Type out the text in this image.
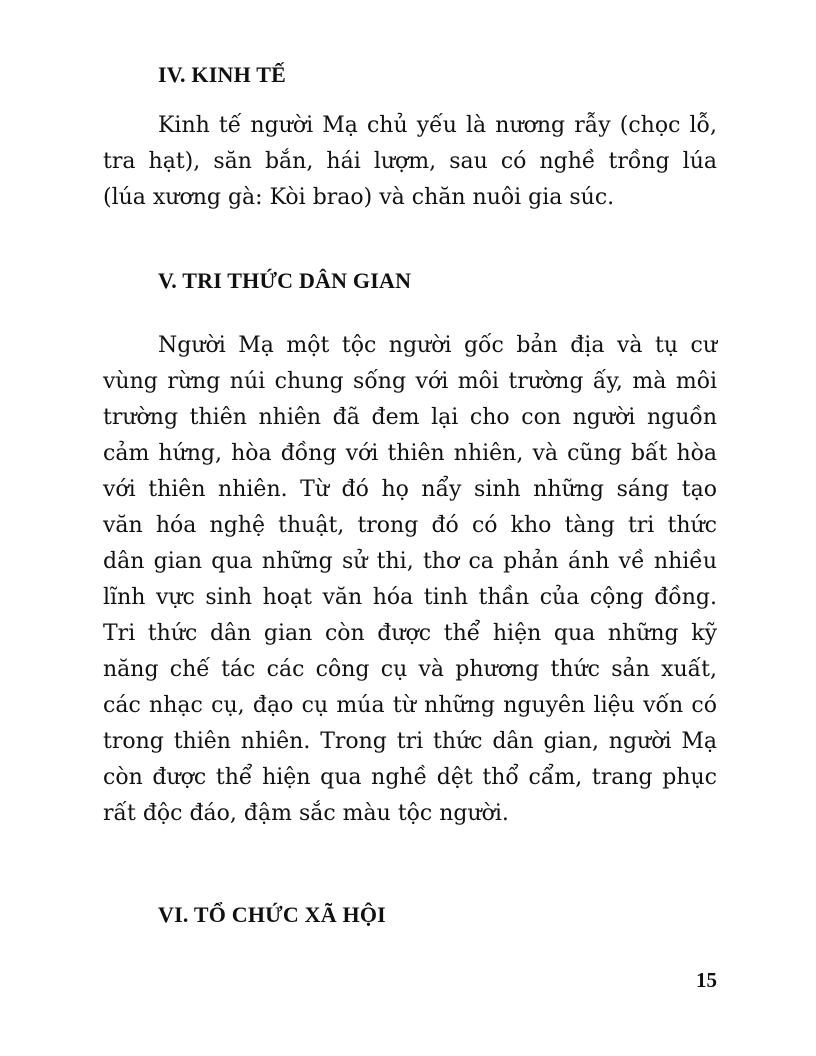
IV. KINH TẾ
Kinh tế người Mạ chủ yếu là nương rẫy (chọc lỗ,
tra hạt), săn bắn, hái lượm, sau có nghề trồng lúa
(lúa xương gà: Kòi brao) và chăn nuôi gia súc.
V. TRI THỨC DÂN GIAN
Người Mạ một tộc người gốc bản địa và tụ cư
vùng rừng núi chung sống với môi trường ấy, mà môi
trường thiên nhiên đã đem lại cho con người nguồn
cảm hứng, hòa đồng với thiên nhiên, và cũng bất hòa
với thiên nhiên. Từ đó họ nẩy sinh những sáng tạo
văn hóa nghệ thuật, trong đó có kho tàng tri thức
dân gian qua những sử thi, thơ ca phản ánh về nhiều
lĩnh vực sinh hoạt văn hóa tinh thần của cộng đồng.
Tri thức dân gian còn được thể hiện qua những kỹ
năng chế tác các công cụ và phương thức sản xuất,
các nhạc cụ, đạo cụ múa từ những nguyên liệu vốn có
trong thiên nhiên. Trong tri thức dân gian, người Mạ
còn được thể hiện qua nghề dệt thổ cẩm, trang phục
rất độc đáo, đậm sắc màu tộc người.
VI. TỔ CHỨC XÃ HỘI
15
